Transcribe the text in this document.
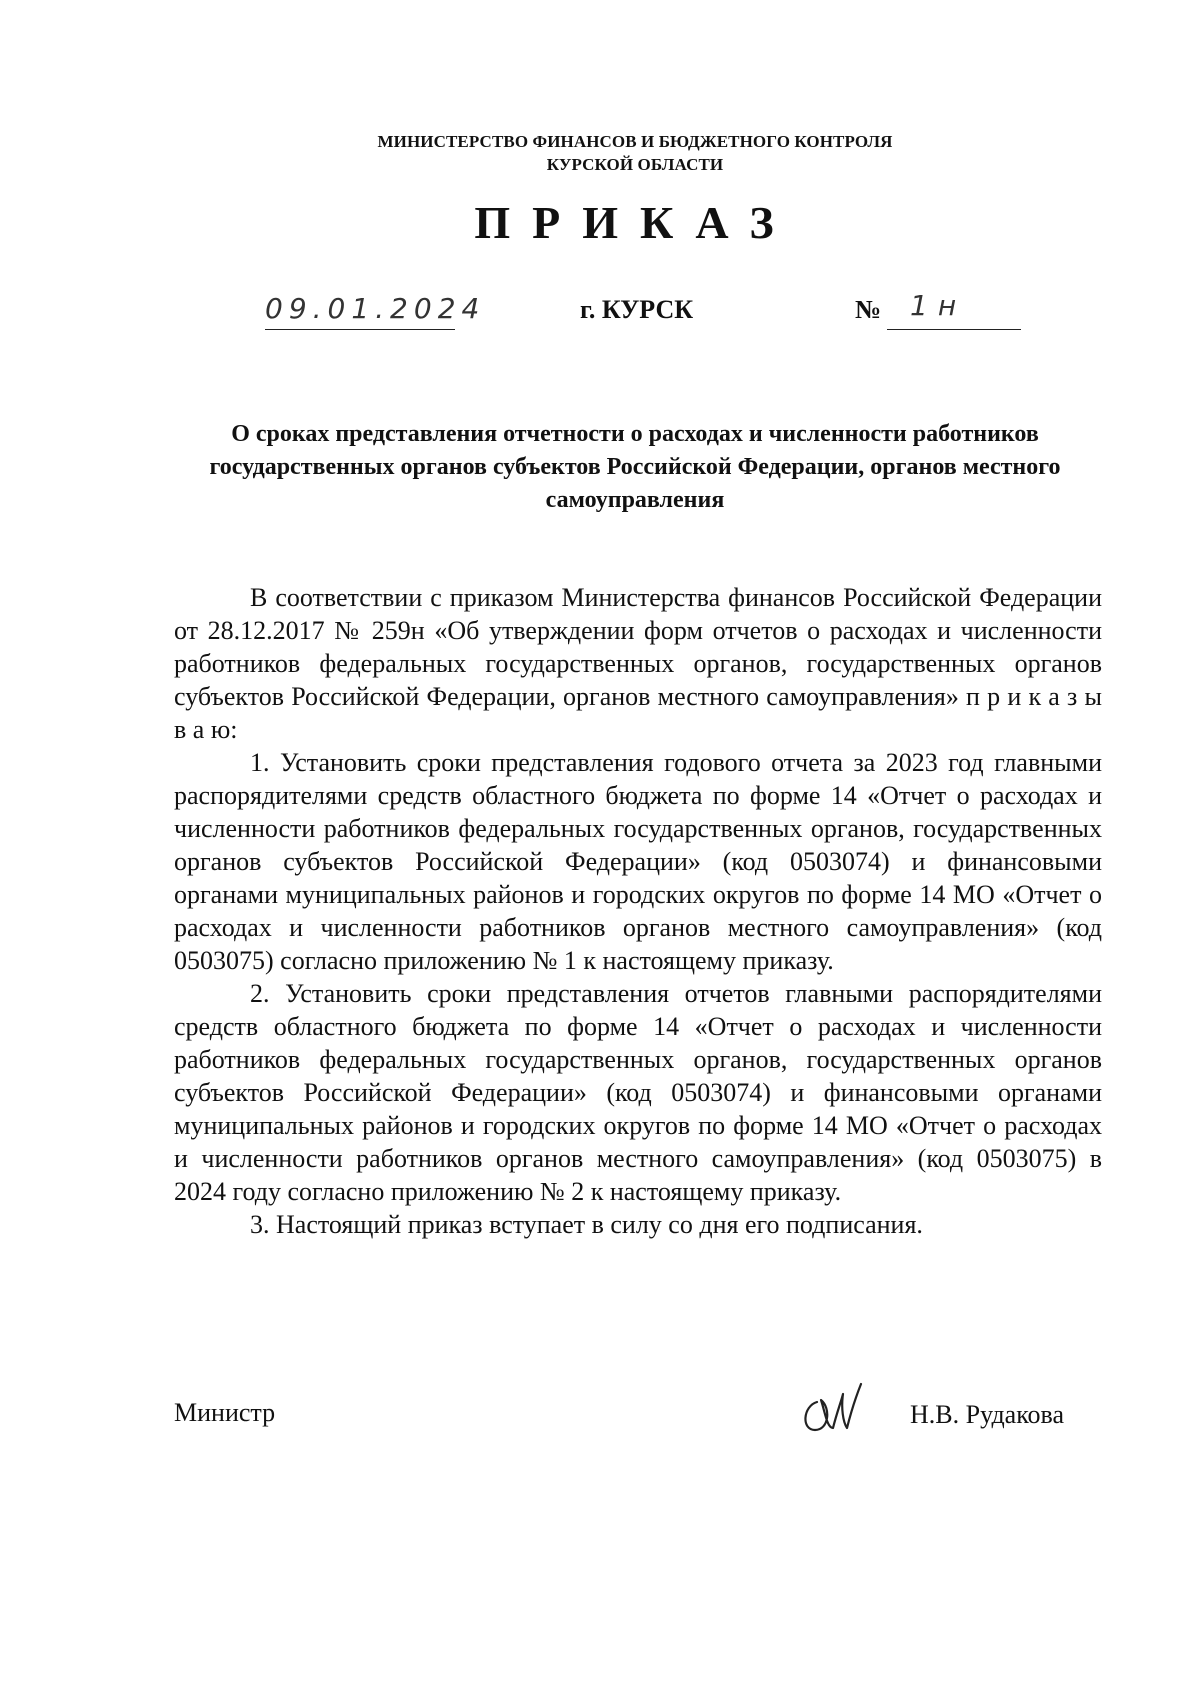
МИНИСТЕРСТВО ФИНАНСОВ И БЮДЖЕТНОГО КОНТРОЛЯ
КУРСКОЙ ОБЛАСТИ
ПРИКАЗ
09.01.2024	г. КУРСК	№ 1н
О сроках представления отчетности о расходах и численности работников государственных органов субъектов Российской Федерации, органов местного самоуправления

В соответствии с приказом Министерства финансов Российской Федерации от 28.12.2017 № 259н «Об утверждении форм отчетов о расходах и численности работников федеральных государственных органов, государственных органов субъектов Российской Федерации, органов местного самоуправления» п р и к а з ы в а ю:

1. Установить сроки представления годового отчета за 2023 год главными распорядителями средств областного бюджета по форме 14 «Отчет о расходах и численности работников федеральных государственных органов, государственных органов субъектов Российской Федерации» (код 0503074) и финансовыми органами муниципальных районов и городских округов по форме 14 МО «Отчет о расходах и численности работников органов местного самоуправления» (код 0503075) согласно приложению № 1 к настоящему приказу.

2. Установить сроки представления отчетов главными распорядителями средств областного бюджета по форме 14 «Отчет о расходах и численности работников федеральных государственных органов, государственных органов субъектов Российской Федерации» (код 0503074) и финансовыми органами муниципальных районов и городских округов по форме 14 МО «Отчет о расходах и численности работников органов местного самоуправления» (код 0503075) в 2024 году согласно приложению № 2 к настоящему приказу.

3. Настоящий приказ вступает в силу со дня его подписания.

Министр	Н.В. Рудакова
